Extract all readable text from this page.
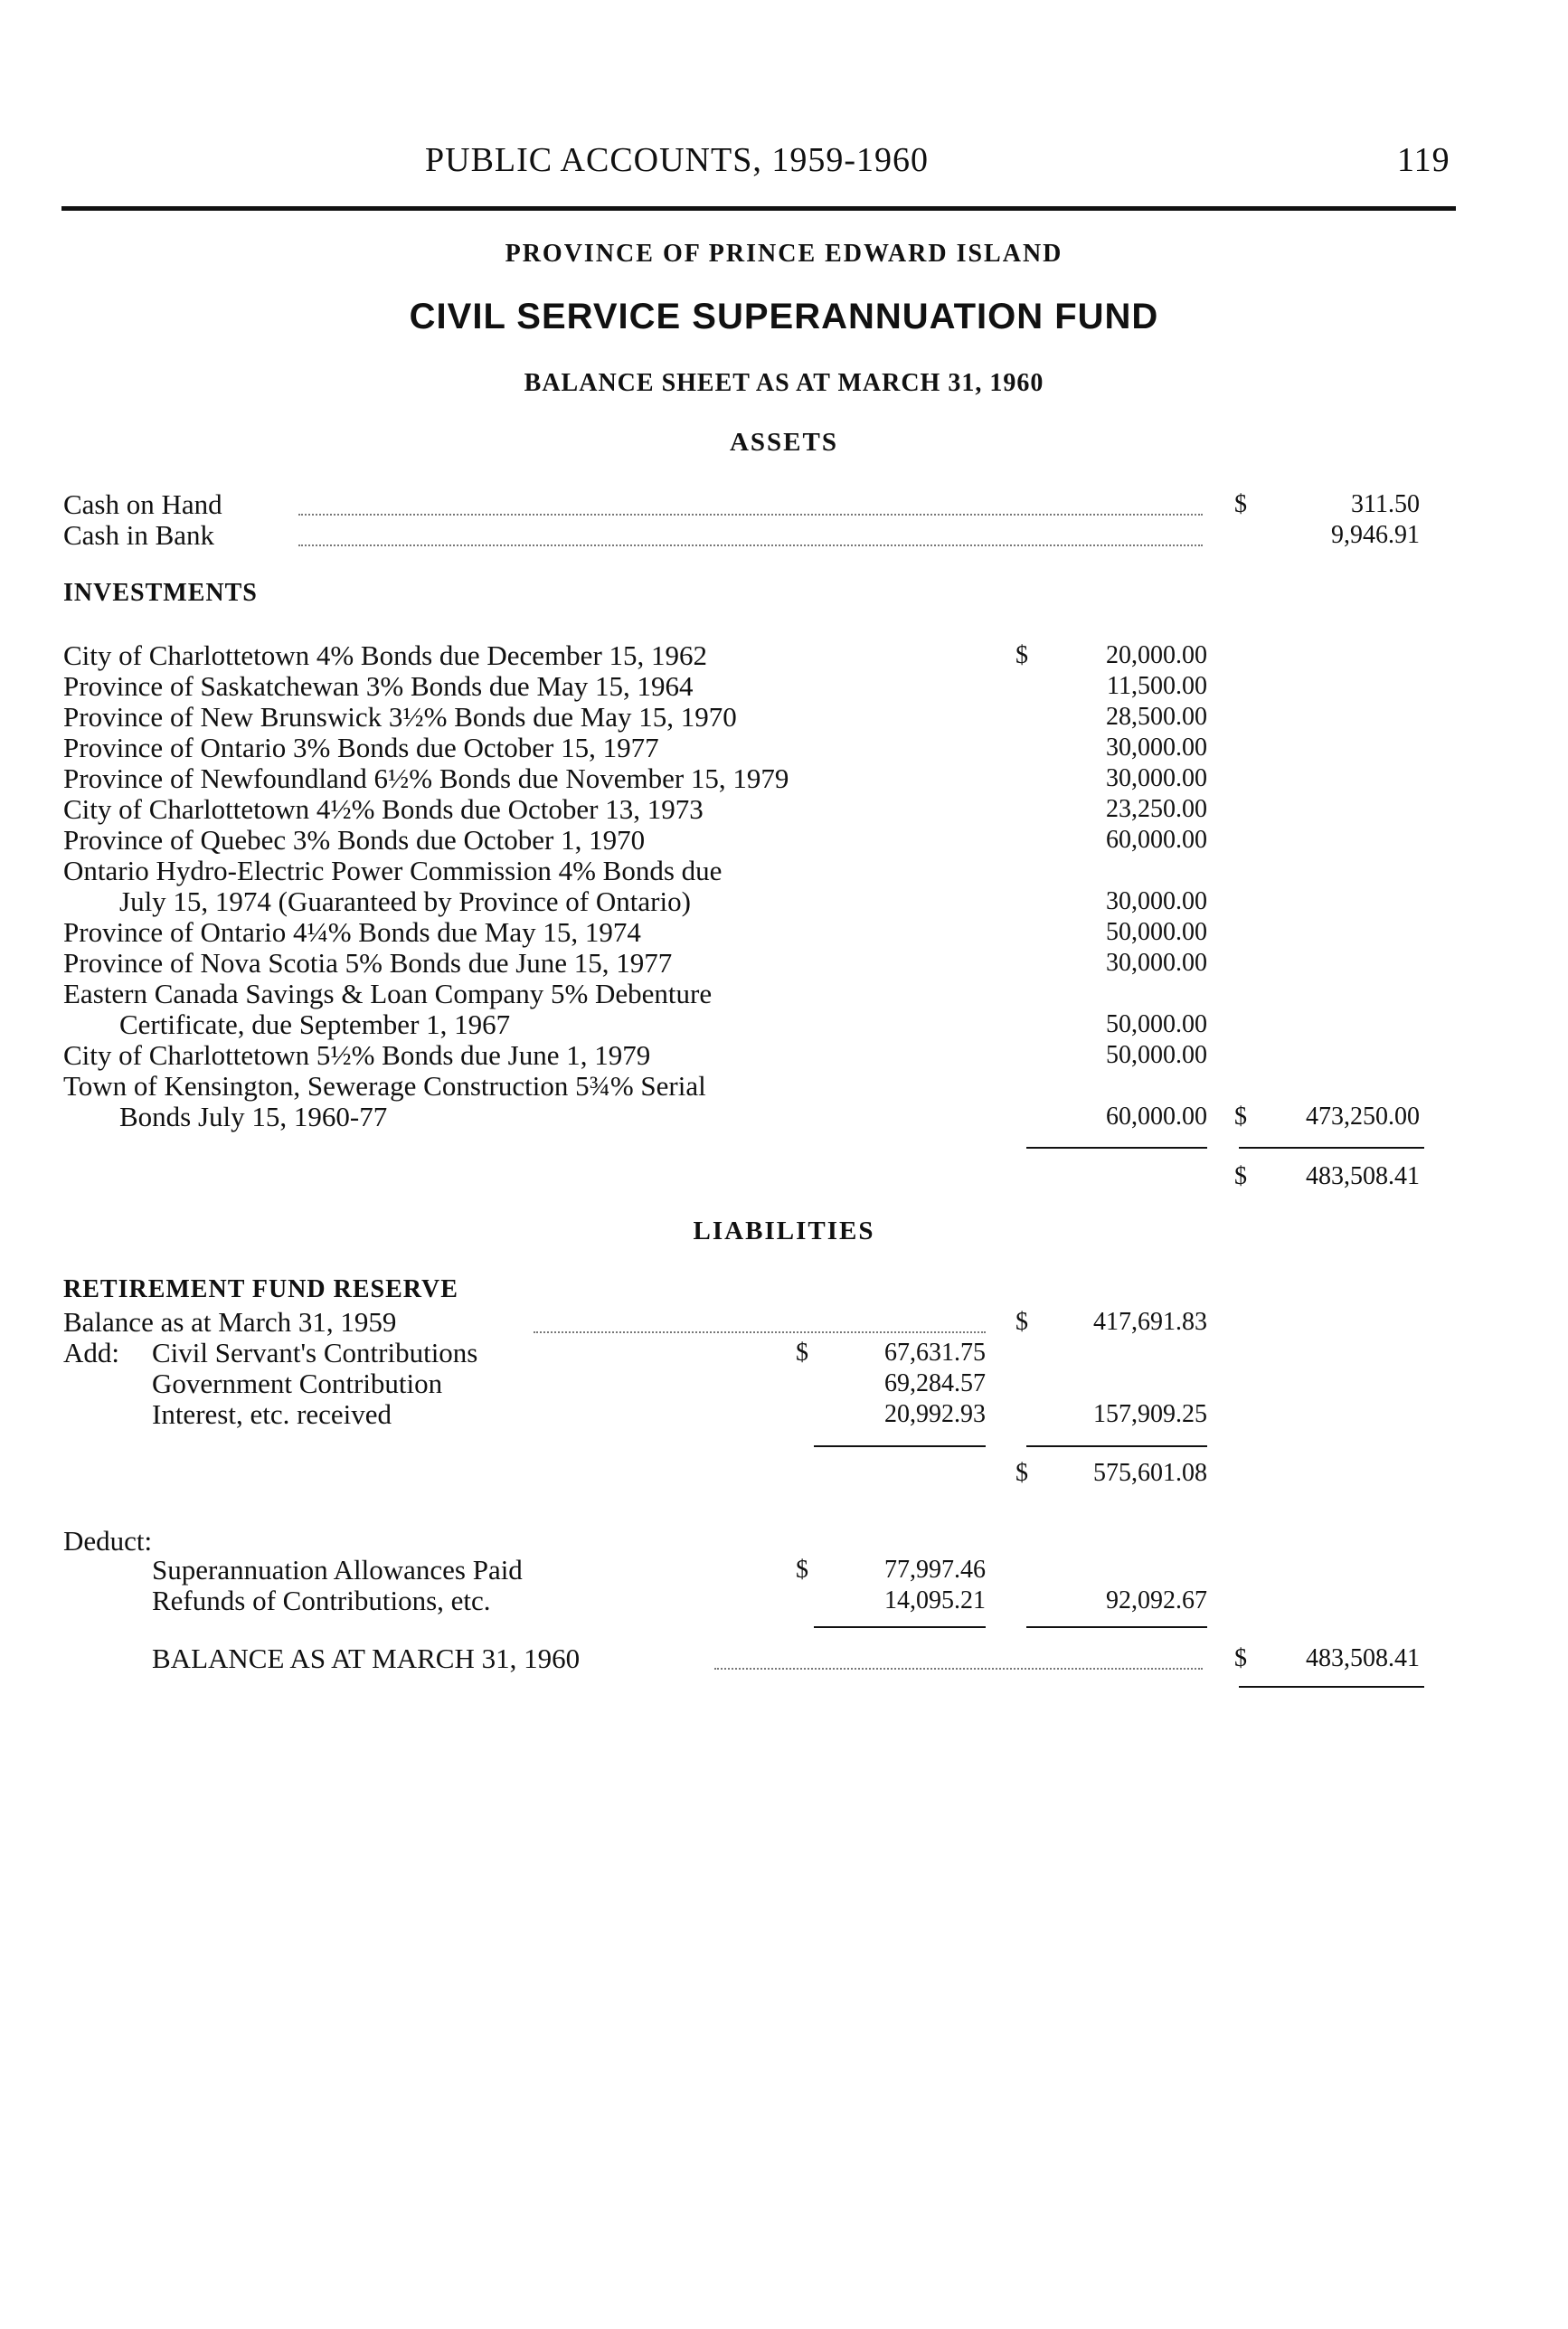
PUBLIC ACCOUNTS, 1959-1960	119
PROVINCE OF PRINCE EDWARD ISLAND
CIVIL SERVICE SUPERANNUATION FUND
BALANCE SHEET AS AT MARCH 31, 1960
ASSETS
Cash on Hand	$	311.50
Cash in Bank	9,946.91
INVESTMENTS
City of Charlottetown 4% Bonds due December 15, 1962	$	20,000.00
Province of Saskatchewan 3% Bonds due May 15, 1964	11,500.00
Province of New Brunswick 3½% Bonds due May 15, 1970	28,500.00
Province of Ontario 3% Bonds due October 15, 1977	30,000.00
Province of Newfoundland 6½% Bonds due November 15, 1979	30,000.00
City of Charlottetown 4½% Bonds due October 13, 1973	23,250.00
Province of Quebec 3% Bonds due October 1, 1970	60,000.00
Ontario Hydro-Electric Power Commission 4% Bonds due
July 15, 1974 (Guaranteed by Province of Ontario)	30,000.00
Province of Ontario 4¼% Bonds due May 15, 1974	50,000.00
Province of Nova Scotia 5% Bonds due June 15, 1977	30,000.00
Eastern Canada Savings & Loan Company 5% Debenture
Certificate, due September 1, 1967	50,000.00
City of Charlottetown 5½% Bonds due June 1, 1979	50,000.00
Town of Kensington, Sewerage Construction 5¾% Serial
Bonds July 15, 1960-77	60,000.00 $	473,250.00
$	483,508.41
LIABILITIES
RETIREMENT FUND RESERVE
Balance as at March 31, 1959	$	417,691.83
Add: Civil Servant's Contributions	$	67,631.75
Government Contribution	69,284.57
Interest, etc. received	20,992.93	157,909.25
$	575,601.08
Deduct:
Superannuation Allowances Paid	$	77,997.46
Refunds of Contributions, etc.	14,095.21	92,092.67
BALANCE AS AT MARCH 31, 1960	$	483,508.41
